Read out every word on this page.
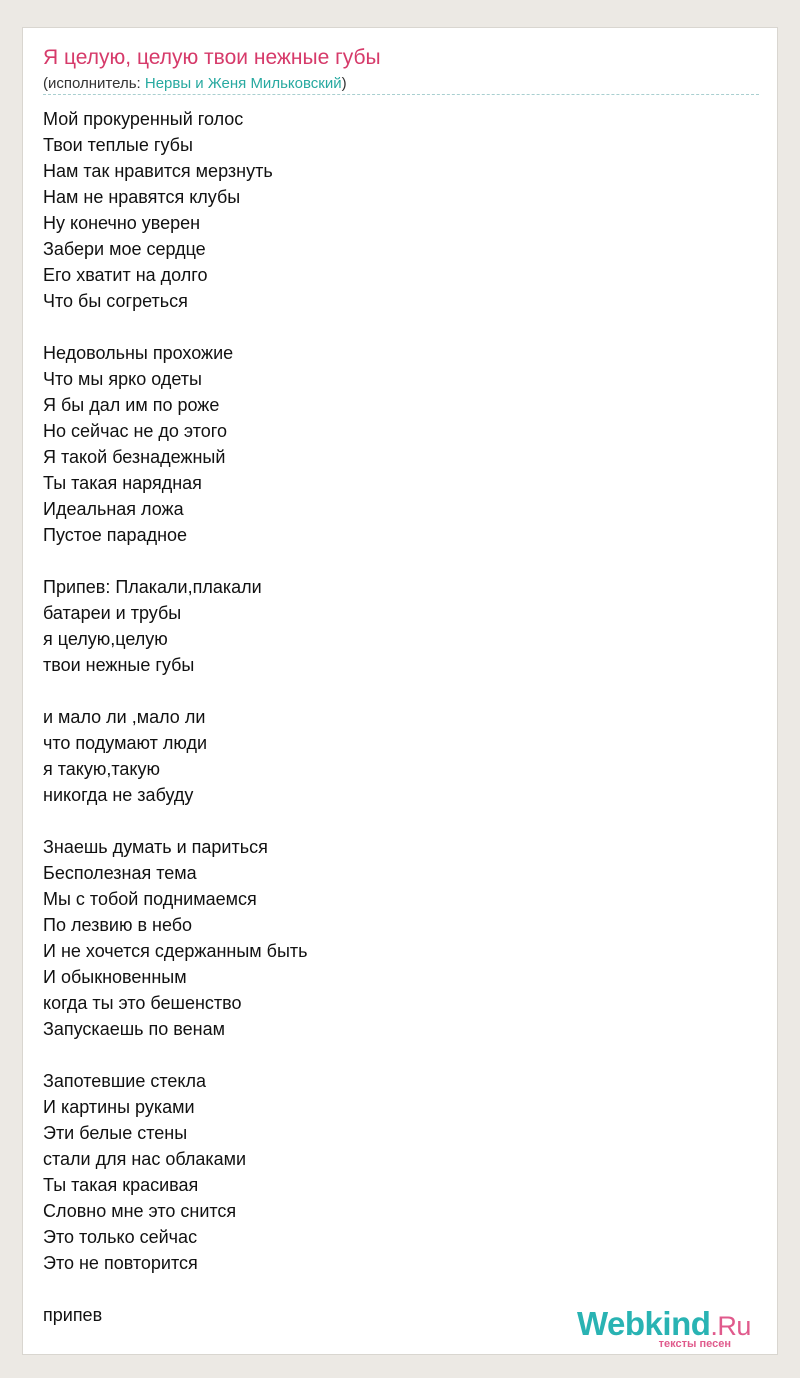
Я целую, целую твои нежные губы
(исполнитель: Нервы и Женя Мильковский)
Мой прокуренный голос
Твои теплые губы
Нам так нравится мерзнуть
Нам не нравятся клубы
Ну конечно уверен
Забери мое сердце
Его хватит на долго
Что бы согреться
Недовольны прохожие
Что мы ярко одеты
Я бы дал им по роже
Но сейчас не до этого
Я такой безнадежный
Ты такая нарядная
Идеальная ложа
Пустое парадное
Припев: Плакали,плакали
батареи и трубы
я целую,целую
твои нежные губы
и мало ли ,мало ли
что подумают люди
я такую,такую
никогда не забуду
Знаешь думать и париться
Бесполезная тема
Мы с тобой поднимаемся
По лезвию в небо
И не хочется сдержанным быть
И обыкновенным
когда ты это бешенство
Запускаешь по венам
Запотевшие стекла
И картины руками
Эти белые стены
стали для нас облаками
Ты такая красивая
Словно мне это снится
Это только сейчас
Это не повторится
припев	Webkind.Ru
тексты песен
